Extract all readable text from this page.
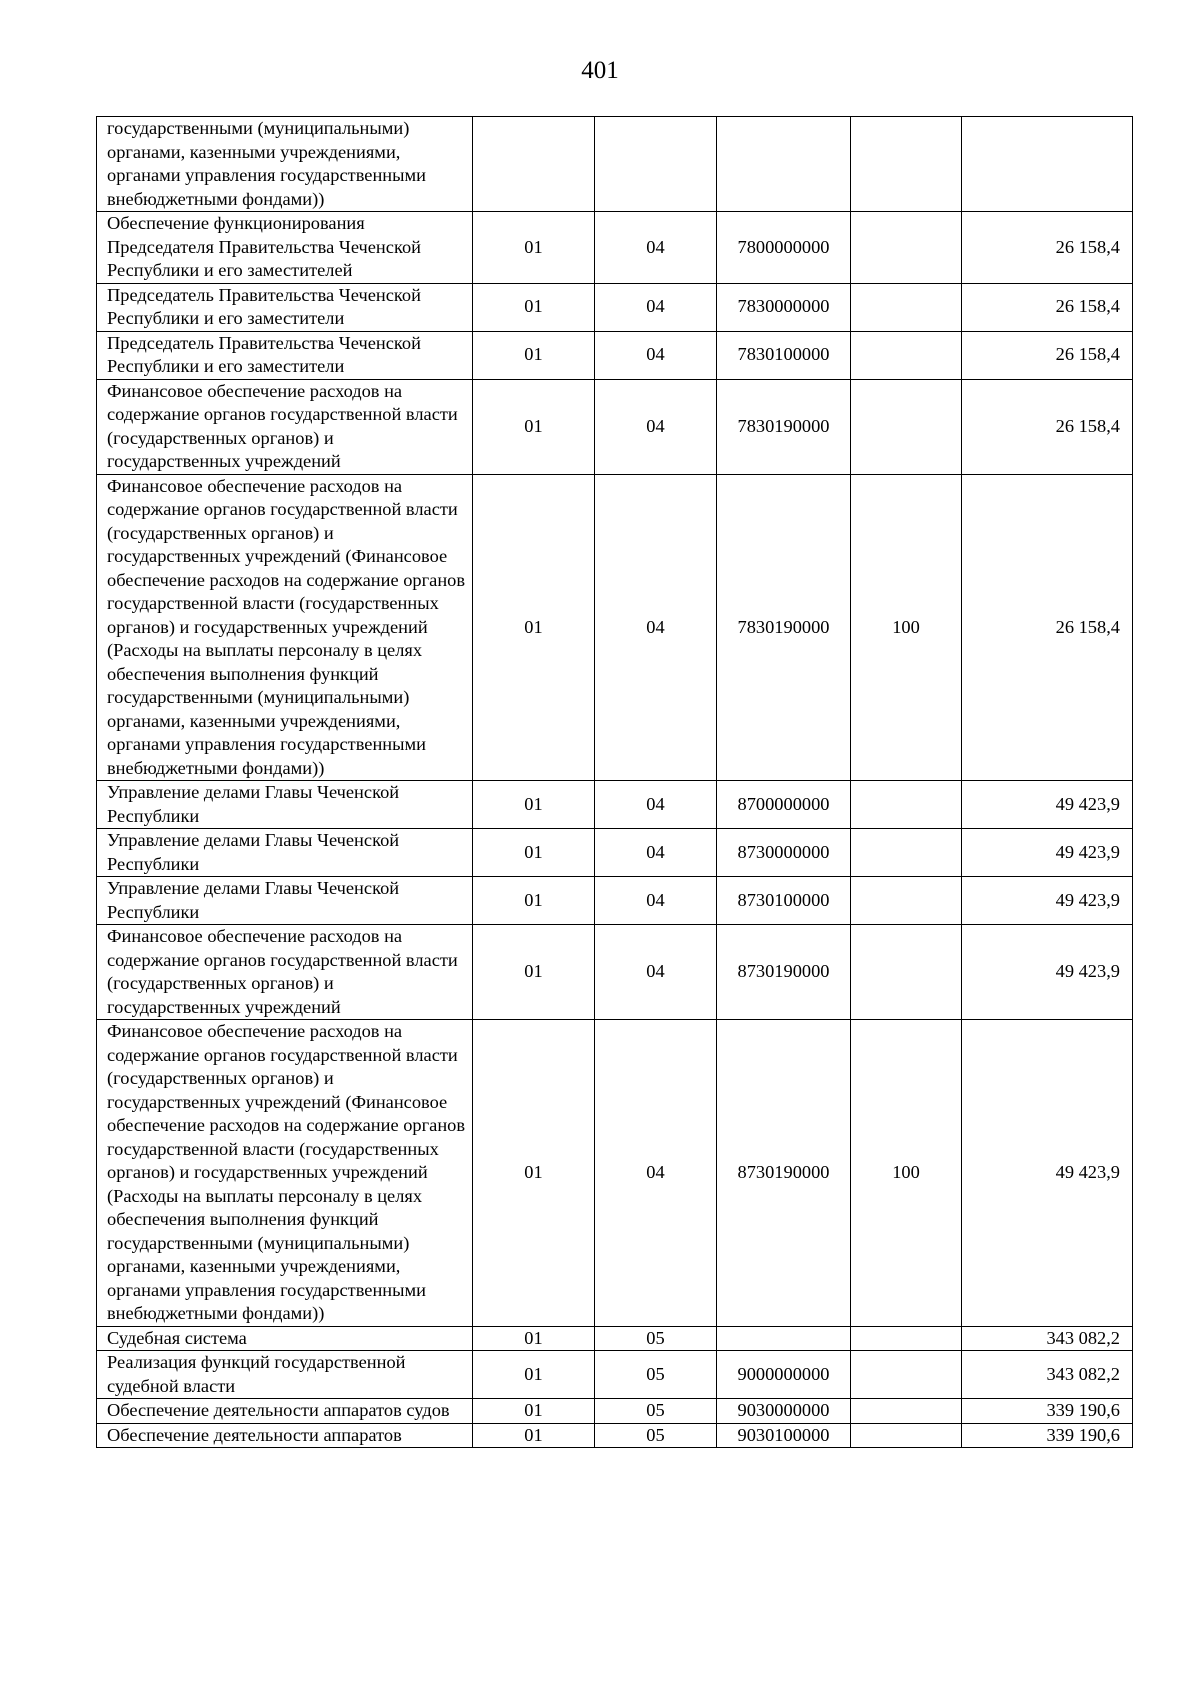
401
государственными (муниципальными) органами, казенными учреждениями, органами управления государственными внебюджетными фондами))					
Обеспечение функционирования Председателя Правительства Чеченской Республики и его заместителей	01	04	7800000000		26 158,4
Председатель Правительства Чеченской Республики и его заместители	01	04	7830000000		26 158,4
Председатель Правительства Чеченской Республики и его заместители	01	04	7830100000		26 158,4
Финансовое обеспечение расходов на содержание органов государственной власти (государственных органов) и государственных учреждений	01	04	7830190000		26 158,4
Финансовое обеспечение расходов на содержание органов государственной власти (государственных органов) и государственных учреждений (Финансовое обеспечение расходов на содержание органов государственной власти (государственных органов) и государственных учреждений (Расходы на выплаты персоналу в целях обеспечения выполнения функций государственными (муниципальными) органами, казенными учреждениями, органами управления государственными внебюджетными фондами))	01	04	7830190000	100	26 158,4
Управление делами Главы Чеченской Республики	01	04	8700000000		49 423,9
Управление делами Главы Чеченской Республики	01	04	8730000000		49 423,9
Управление делами Главы Чеченской Республики	01	04	8730100000		49 423,9
Финансовое обеспечение расходов на содержание органов государственной власти (государственных органов) и государственных учреждений	01	04	8730190000		49 423,9
Финансовое обеспечение расходов на содержание органов государственной власти (государственных органов) и государственных учреждений (Финансовое обеспечение расходов на содержание органов государственной власти (государственных органов) и государственных учреждений (Расходы на выплаты персоналу в целях обеспечения выполнения функций государственными (муниципальными) органами, казенными учреждениями, органами управления государственными внебюджетными фондами))	01	04	8730190000	100	49 423,9
Судебная система	01	05			343 082,2
Реализация функций государственной судебной власти	01	05	9000000000		343 082,2
Обеспечение деятельности аппаратов судов	01	05	9030000000		339 190,6
Обеспечение деятельности аппаратов	01	05	9030100000		339 190,6
